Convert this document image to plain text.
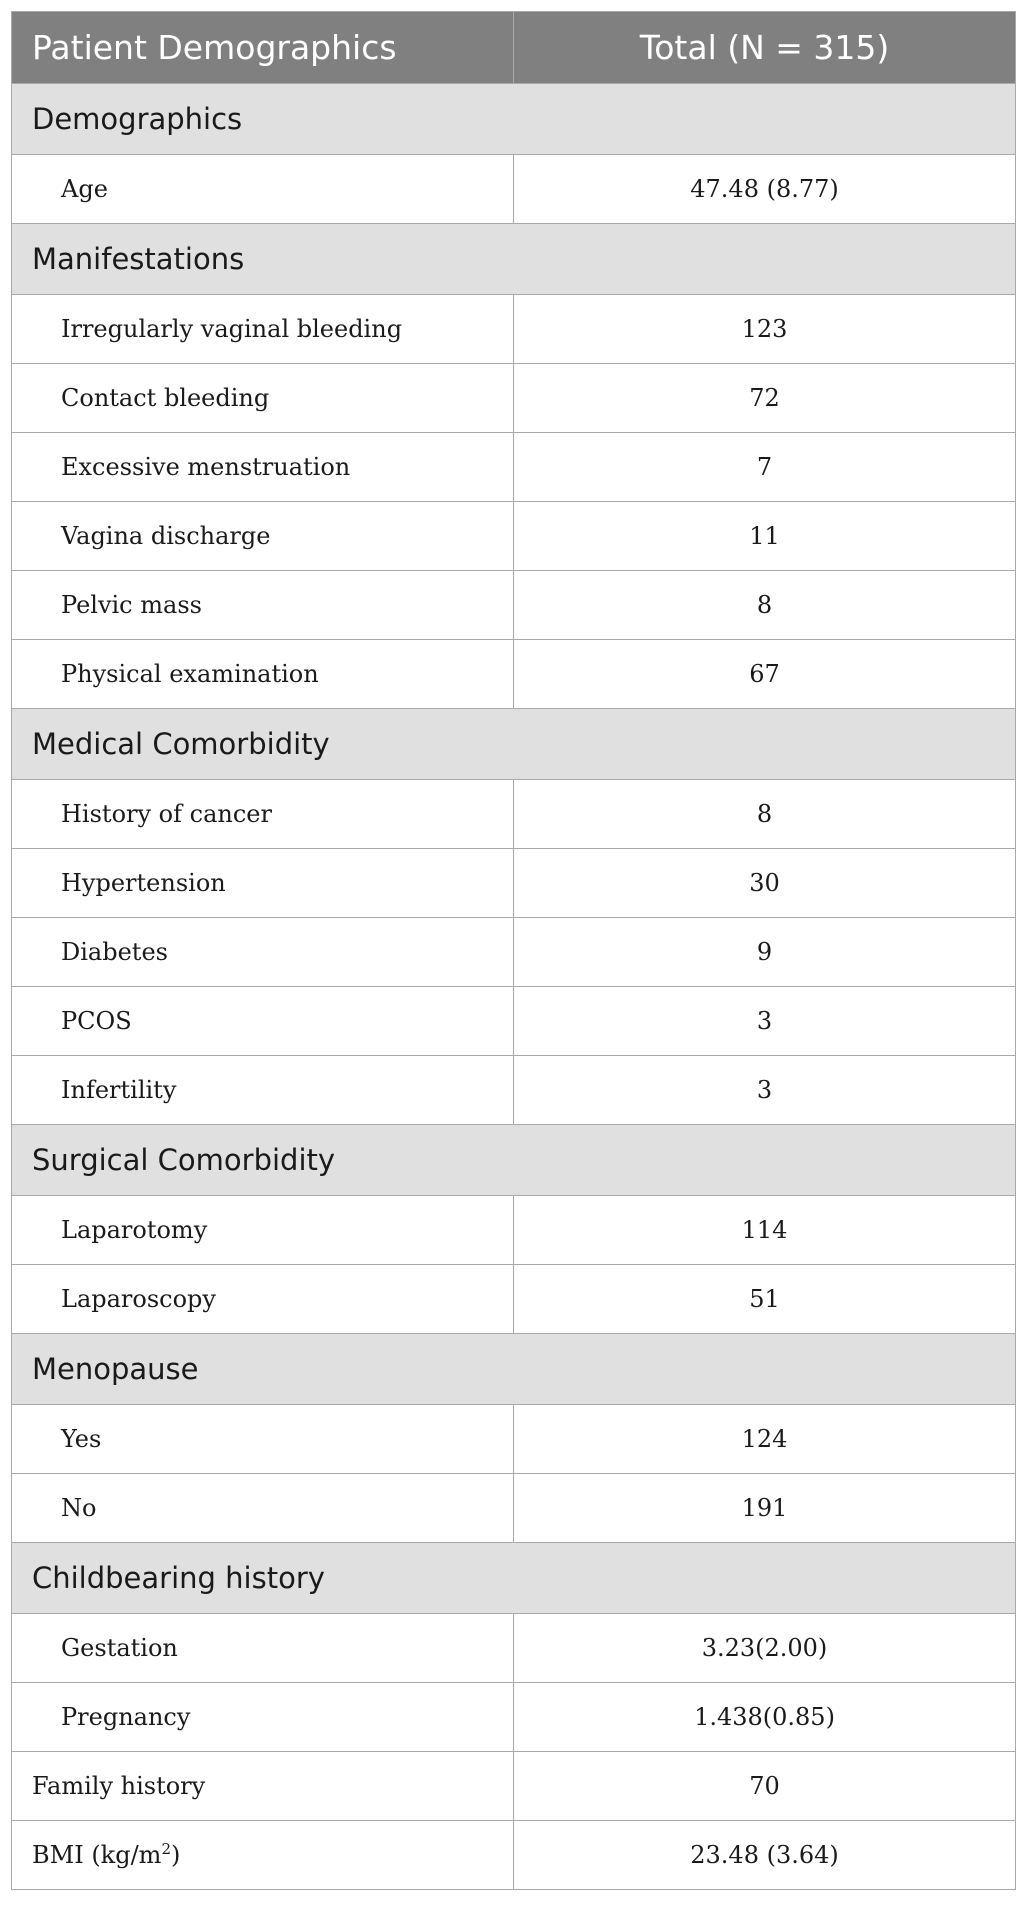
Patient Demographics	Total (N = 315)
Demographics	
Age	47.48 (8.77)
Manifestations	
Irregularly vaginal bleeding	123
Contact bleeding	72
Excessive menstruation	7
Vagina discharge	11
Pelvic mass	8
Physical examination	67
Medical Comorbidity	
History of cancer	8
Hypertension	30
Diabetes	9
PCOS	3
Infertility	3
Surgical Comorbidity	
Laparotomy	114
Laparoscopy	51
Menopause	
Yes	124
No	191
Childbearing history	
Gestation	3.23(2.00)
Pregnancy	1.438(0.85)
Family history	70
BMI $(kg/m^2)$	23.48 (3.64)
